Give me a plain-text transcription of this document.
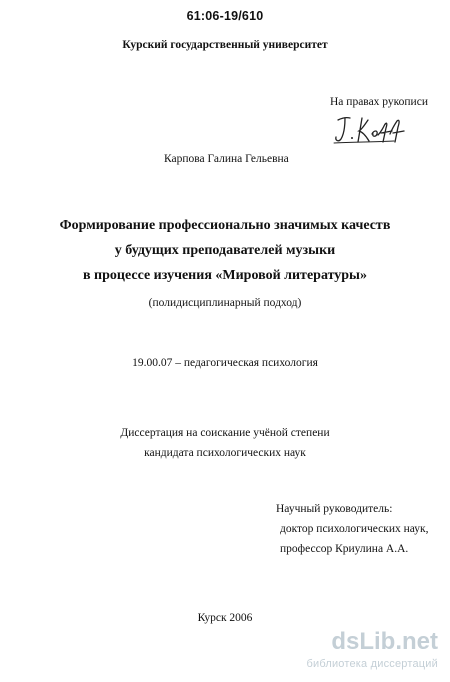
61:06-19/610
Курский государственный университет
На правах рукописи
Карпова Галина Гельевна
Формирование профессионально значимых качеств
у будущих преподавателей музыки
в процессе изучения «Мировой литературы»
(полидисциплинарный подход)
19.00.07 – педагогическая психология
Диссертация на соискание учёной степени
кандидата психологических наук
Научный руководитель:
доктор психологических наук,
профессор Криулина А.А.
Курск 2006
dsLib.net
библиотека диссертаций
